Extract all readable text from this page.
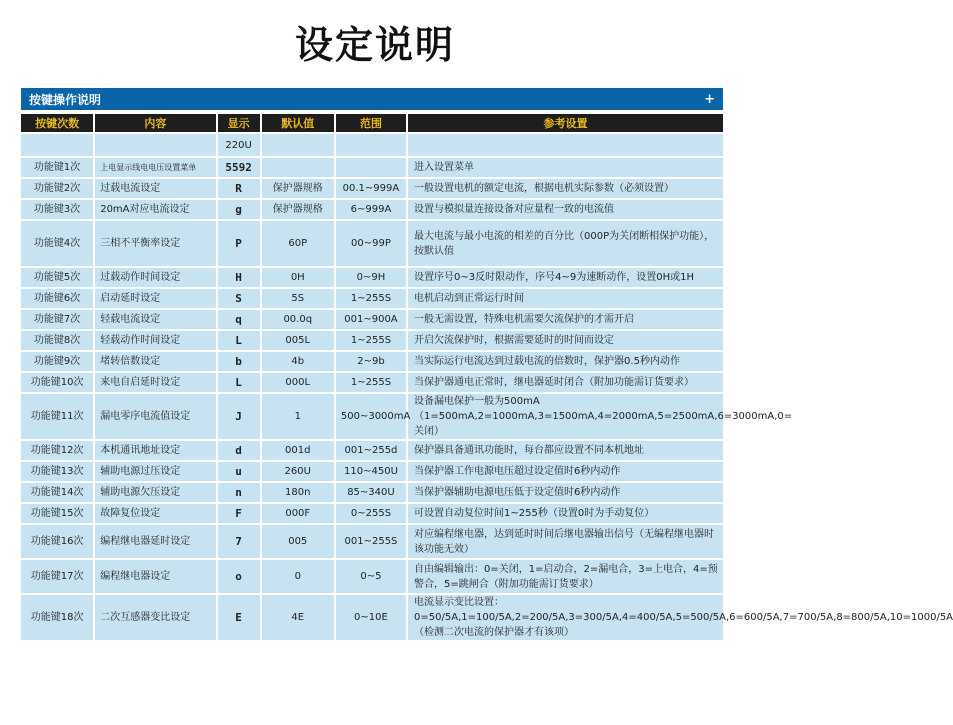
设定说明
按键操作说明	+
按键次数	内容	显示	默认值	范围	参考设置
		220U			
功能键1次	上电显示线电电压设置菜单	5592			进入设置菜单
功能键2次	过载电流设定	R	保护器规格	00.1~999A	一般设置电机的额定电流，根据电机实际参数（必须设置）
功能键3次	20mA对应电流设定	g	保护器规格	6~999A	设置与模拟量连接设备对应量程一致的电流值
功能键4次	三相不平衡率设定	P	60P	00~99P	最大电流与最小电流的相差的百分比（000P为关闭断相保护功能），按默认值
功能键5次	过载动作时间设定	H	0H	0~9H	设置序号0~3反时限动作，序号4~9为速断动作，设置0H或1H
功能键6次	启动延时设定	S	5S	1~255S	电机启动到正常运行时间
功能键7次	轻载电流设定	q	00.0q	001~900A	一般无需设置，特殊电机需要欠流保护的才需开启
功能键8次	轻载动作时间设定	L	005L	1~255S	开启欠流保护时，根据需要延时的时间而设定
功能键9次	堵转倍数设定	b	4b	2~9b	当实际运行电流达到过载电流的倍数时，保护器0.5秒内动作
功能键10次	来电自启延时设定	L	000L	1~255S	当保护器通电正常时，继电器延时闭合（附加功能需订货要求）
功能键11次	漏电零序电流值设定	J	1	500~3000mA	设备漏电保护一般为500mA（1=500mA,2=1000mA,3=1500mA,4=2000mA,5=2500mA,6=3000mA,0=关闭）
功能键12次	本机通讯地址设定	d	001d	001~255d	保护器具备通讯功能时，每台都应设置不同本机地址
功能键13次	辅助电源过压设定	u	260U	110~450U	当保护器工作电源电压超过设定值时6秒内动作
功能键14次	辅助电源欠压设定	n	180n	85~340U	当保护器辅助电源电压低于设定值时6秒内动作
功能键15次	故障复位设定	F	000F	0~255S	可设置自动复位时间1~255秒（设置0时为手动复位）
功能键16次	编程继电器延时设定	7	005	001~255S	对应编程继电器，达到延时时间后继电器输出信号（无编程继电器时该功能无效）
功能键17次	编程继电器设定	o	0	0~5	自由编辑输出：0=关闭，1=启动合，2=漏电合，3=上电合，4=预警合，5=跳闸合（附加功能需订货要求）
功能键18次	二次互感器变比设定	E	4E	0~10E	电流显示变比设置：0=50/5A,1=100/5A,2=200/5A,3=300/5A,4=400/5A,5=500/5A,6=600/5A,7=700/5A,8=800/5A,10=1000/5A（检测二次电流的保护器才有该项）
